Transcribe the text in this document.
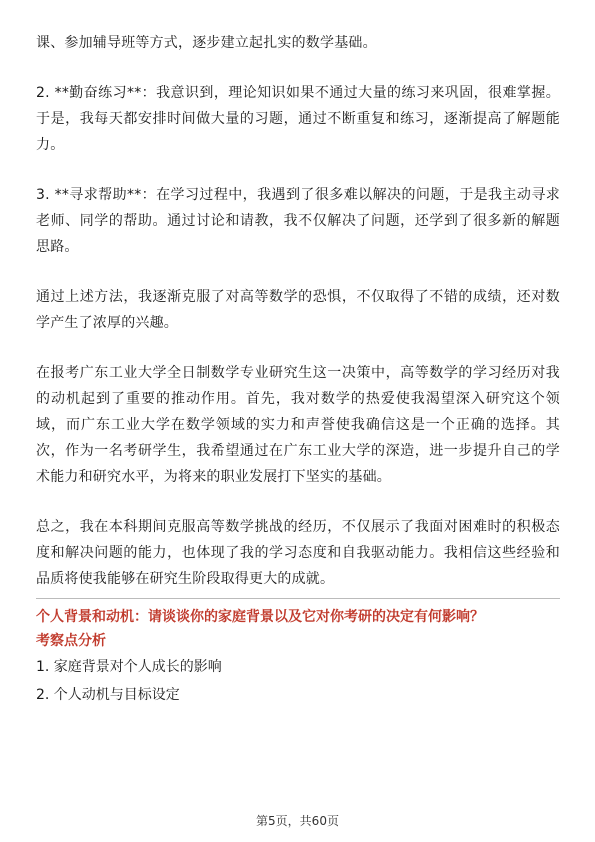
课、参加辅导班等方式，逐步建立起扎实的数学基础。

2. **勤奋练习**：我意识到，理论知识如果不通过大量的练习来巩固，很难掌握。于是，我每天都安排时间做大量的习题，通过不断重复和练习，逐渐提高了解题能力。

3. **寻求帮助**：在学习过程中，我遇到了很多难以解决的问题，于是我主动寻求老师、同学的帮助。通过讨论和请教，我不仅解决了问题，还学到了很多新的解题思路。

通过上述方法，我逐渐克服了对高等数学的恐惧，不仅取得了不错的成绩，还对数学产生了浓厚的兴趣。

在报考广东工业大学全日制数学专业研究生这一决策中，高等数学的学习经历对我的动机起到了重要的推动作用。首先，我对数学的热爱使我渴望深入研究这个领域，而广东工业大学在数学领域的实力和声誉使我确信这是一个正确的选择。其次，作为一名考研学生，我希望通过在广东工业大学的深造，进一步提升自己的学术能力和研究水平，为将来的职业发展打下坚实的基础。

总之，我在本科期间克服高等数学挑战的经历，不仅展示了我面对困难时的积极态度和解决问题的能力，也体现了我的学习态度和自我驱动能力。我相信这些经验和品质将使我能够在研究生阶段取得更大的成就。

个人背景和动机：请谈谈你的家庭背景以及它对你考研的决定有何影响？

考察点分析

1. 家庭背景对个人成长的影响

2. 个人动机与目标设定

第5页，共60页
